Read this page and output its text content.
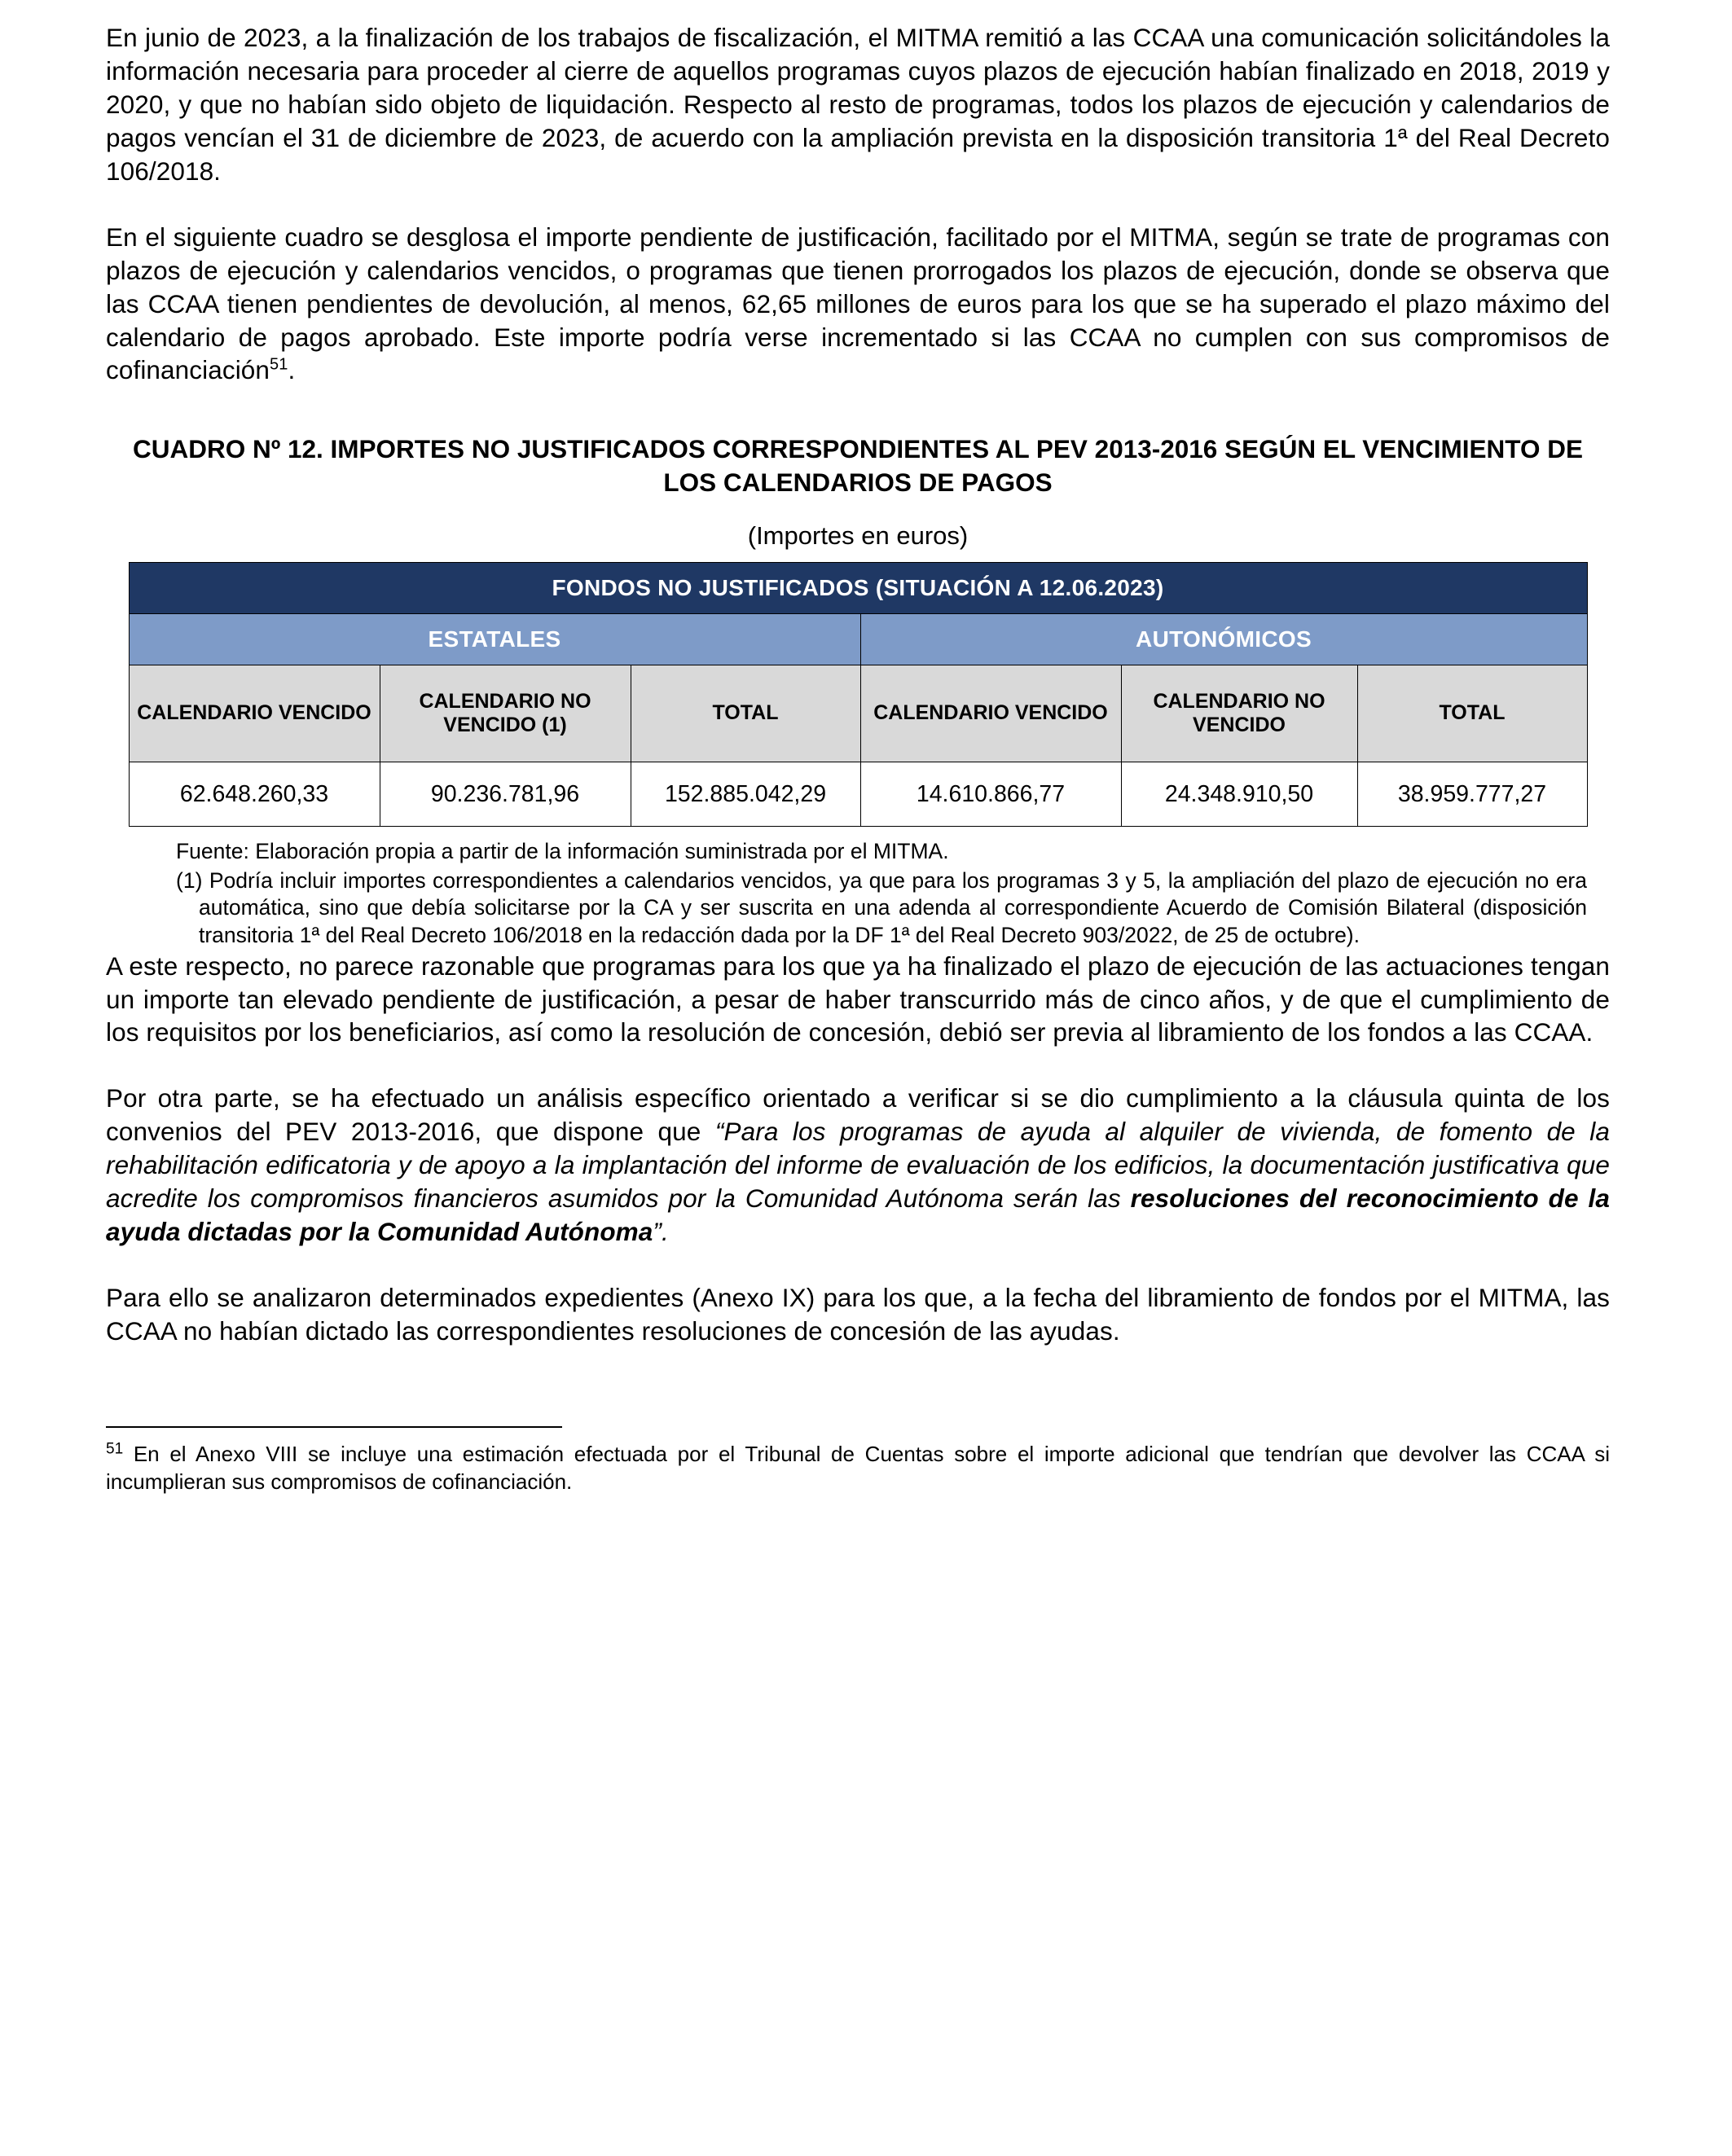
En junio de 2023, a la finalización de los trabajos de fiscalización, el MITMA remitió a las CCAA una comunicación solicitándoles la información necesaria para proceder al cierre de aquellos programas cuyos plazos de ejecución habían finalizado en 2018, 2019 y 2020, y que no habían sido objeto de liquidación. Respecto al resto de programas, todos los plazos de ejecución y calendarios de pagos vencían el 31 de diciembre de 2023, de acuerdo con la ampliación prevista en la disposición transitoria 1ª del Real Decreto 106/2018.

En el siguiente cuadro se desglosa el importe pendiente de justificación, facilitado por el MITMA, según se trate de programas con plazos de ejecución y calendarios vencidos, o programas que tienen prorrogados los plazos de ejecución, donde se observa que las CCAA tienen pendientes de devolución, al menos, 62,65 millones de euros para los que se ha superado el plazo máximo del calendario de pagos aprobado. Este importe podría verse incrementado si las CCAA no cumplen con sus compromisos de cofinanciación$^{51}$.

CUADRO Nº 12. IMPORTES NO JUSTIFICADOS CORRESPONDIENTES AL PEV 2013-2016 SEGÚN EL VENCIMIENTO DE LOS CALENDARIOS DE PAGOS
(Importes en euros)
FONDOS NO JUSTIFICADOS (SITUACIÓN A 12.06.2023)					
ESTATALES			AUTONÓMICOS		
CALENDARIO VENCIDO	CALENDARIO NO VENCIDO (1)	TOTAL	CALENDARIO VENCIDO	CALENDARIO NO VENCIDO	TOTAL
62.648.260,33	90.236.781,96	152.885.042,29	14.610.866,77	24.348.910,50	38.959.777,27
Fuente: Elaboración propia a partir de la información suministrada por el MITMA.
(1) Podría incluir importes correspondientes a calendarios vencidos, ya que para los programas 3 y 5, la ampliación del plazo de ejecución no era automática, sino que debía solicitarse por la CA y ser suscrita en una adenda al correspondiente Acuerdo de Comisión Bilateral (disposición transitoria 1ª del Real Decreto 106/2018 en la redacción dada por la DF 1ª del Real Decreto 903/2022, de 25 de octubre).

A este respecto, no parece razonable que programas para los que ya ha finalizado el plazo de ejecución de las actuaciones tengan un importe tan elevado pendiente de justificación, a pesar de haber transcurrido más de cinco años, y de que el cumplimiento de los requisitos por los beneficiarios, así como la resolución de concesión, debió ser previa al libramiento de los fondos a las CCAA.

Por otra parte, se ha efectuado un análisis específico orientado a verificar si se dio cumplimiento a la cláusula quinta de los convenios del PEV 2013-2016, que dispone que “Para los programas de ayuda al alquiler de vivienda, de fomento de la rehabilitación edificatoria y de apoyo a la implantación del informe de evaluación de los edificios, la documentación justificativa que acredite los compromisos financieros asumidos por la Comunidad Autónoma serán las resoluciones del reconocimiento de la ayuda dictadas por la Comunidad Autónoma”.

Para ello se analizaron determinados expedientes (Anexo IX) para los que, a la fecha del libramiento de fondos por el MITMA, las CCAA no habían dictado las correspondientes resoluciones de concesión de las ayudas.

$^{51}$ En el Anexo VIII se incluye una estimación efectuada por el Tribunal de Cuentas sobre el importe adicional que tendrían que devolver las CCAA si incumplieran sus compromisos de cofinanciación.
